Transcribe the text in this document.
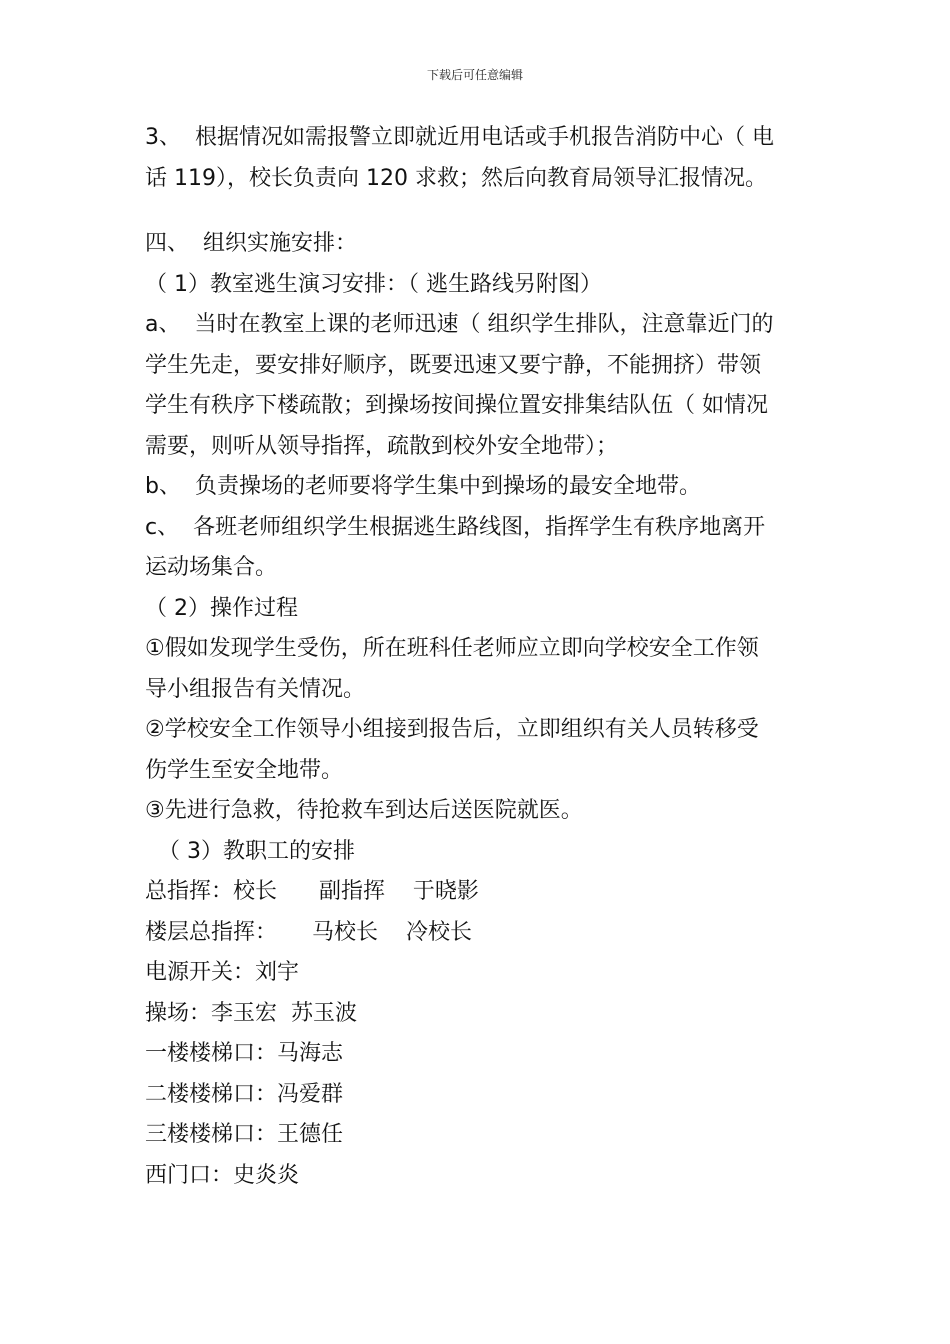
下载后可任意编辑

3、  根据情况如需报警立即就近用电话或手机报告消防中心（ 电

话 119），校长负责向 120 求救；然后向教育局领导汇报情况。

四、  组织实施安排：

（ 1）教室逃生演习安排：（ 逃生路线另附图）

a、  当时在教室上课的老师迅速（ 组织学生排队，注意靠近门的

学生先走，要安排好顺序，既要迅速又要宁静，不能拥挤）带领

学生有秩序下楼疏散；到操场按间操位置安排集结队伍（ 如情况

需要，则听从领导指挥，疏散到校外安全地带）；

b、  负责操场的老师要将学生集中到操场的最安全地带。

c、  各班老师组织学生根据逃生路线图，指挥学生有秩序地离开

运动场集合。

（ 2）操作过程

①假如发现学生受伤，所在班科任老师应立即向学校安全工作领

导小组报告有关情况。

②学校安全工作领导小组接到报告后，立即组织有关人员转移受

伤学生至安全地带。

③先进行急救，待抢救车到达后送医院就医。

（ 3）教职工的安排

总指挥：校长      副指挥    于晓影

楼层总指挥：     马校长    冷校长

电源开关：刘宇

操场：李玉宏  苏玉波

一楼楼梯口：马海志

二楼楼梯口：冯爱群

三楼楼梯口：王德任

西门口：史炎炎
